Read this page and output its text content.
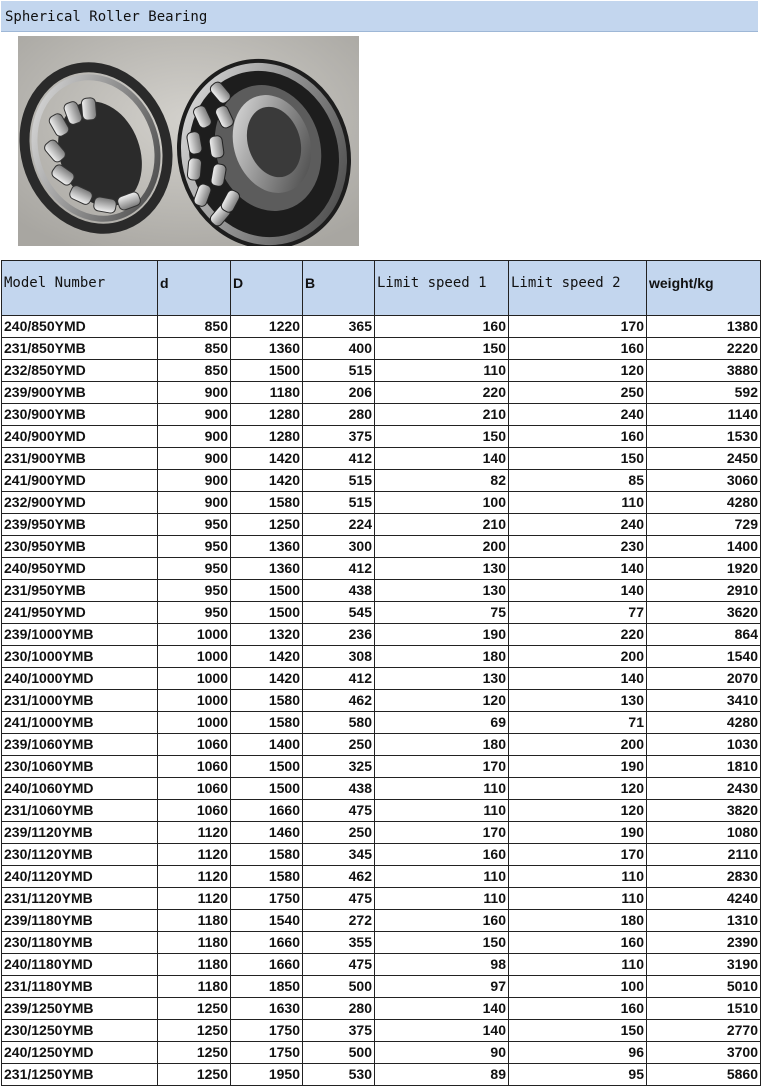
Spherical Roller Bearing
Model Number	d	D	B	Limit speed 1	Limit speed 2	weight/kg
240/850YMD	850	1220	365	160	170	1380
231/850YMB	850	1360	400	150	160	2220
232/850YMD	850	1500	515	110	120	3880
239/900YMB	900	1180	206	220	250	592
230/900YMB	900	1280	280	210	240	1140
240/900YMD	900	1280	375	150	160	1530
231/900YMB	900	1420	412	140	150	2450
241/900YMD	900	1420	515	82	85	3060
232/900YMD	900	1580	515	100	110	4280
239/950YMB	950	1250	224	210	240	729
230/950YMB	950	1360	300	200	230	1400
240/950YMD	950	1360	412	130	140	1920
231/950YMB	950	1500	438	130	140	2910
241/950YMD	950	1500	545	75	77	3620
239/1000YMB	1000	1320	236	190	220	864
230/1000YMB	1000	1420	308	180	200	1540
240/1000YMD	1000	1420	412	130	140	2070
231/1000YMB	1000	1580	462	120	130	3410
241/1000YMB	1000	1580	580	69	71	4280
239/1060YMB	1060	1400	250	180	200	1030
230/1060YMB	1060	1500	325	170	190	1810
240/1060YMD	1060	1500	438	110	120	2430
231/1060YMB	1060	1660	475	110	120	3820
239/1120YMB	1120	1460	250	170	190	1080
230/1120YMB	1120	1580	345	160	170	2110
240/1120YMD	1120	1580	462	110	110	2830
231/1120YMB	1120	1750	475	110	110	4240
239/1180YMB	1180	1540	272	160	180	1310
230/1180YMB	1180	1660	355	150	160	2390
240/1180YMD	1180	1660	475	98	110	3190
231/1180YMB	1180	1850	500	97	100	5010
239/1250YMB	1250	1630	280	140	160	1510
230/1250YMB	1250	1750	375	140	150	2770
240/1250YMD	1250	1750	500	90	96	3700
231/1250YMB	1250	1950	530	89	95	5860
